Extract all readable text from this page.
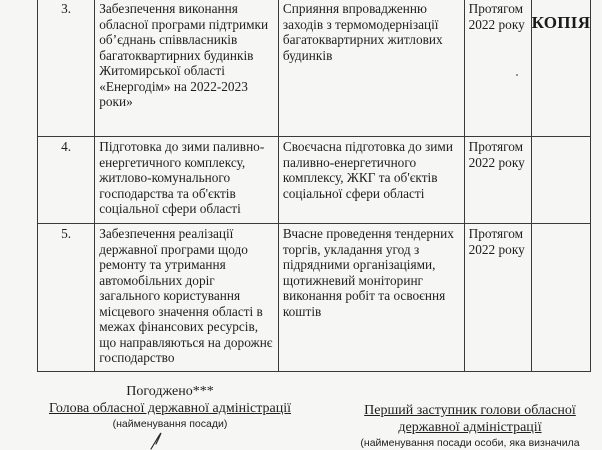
3.	Забезпечення виконання обласної програми підтримки об’єднань співвласників багатоквартирних будинків Житомирської області «Енергодім» на 2022-2023 роки»	Сприяння впровадженню заходів з термомодернізації багатоквартирних житлових будинків	Протягом 2022 року	КОПІЯ

4.	Підготовка до зими паливно-енергетичного комплексу, житлово-комунального господарства та об'єктів соціальної сфери області	Своєчасна підготовка до зими паливно-енергетичного комплексу, ЖКГ та об'єктів соціальної сфери області	Протягом 2022 року	
5.	Забезпечення реалізації державної програми щодо ремонту та утримання автомобільних доріг загального користування місцевого значення області в межах фінансових ресурсів, що направляються на дорожнє господарство	Вчасне проведення тендерних торгів, укладання угод з підрядними організаціями, щотижневий моніторинг виконання робіт та освоєння коштів	Протягом 2022 року	
Погоджено***
Голова обласної державної адміністрації
(найменування посади)
Перший заступник голови обласної державної адміністрації
(найменування посади особи, яка визначила
